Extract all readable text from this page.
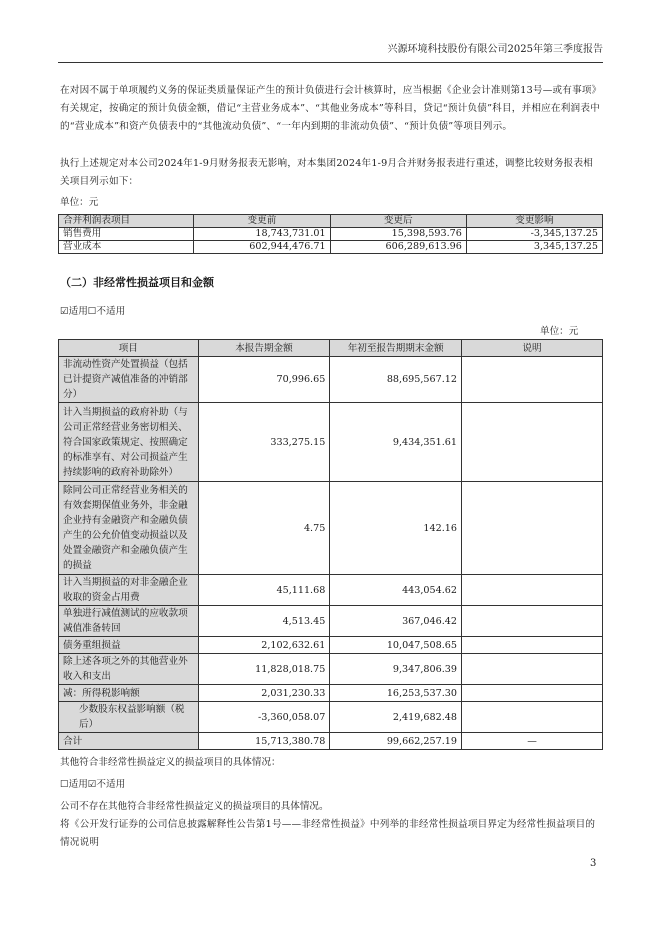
兴源环境科技股份有限公司2025年第三季度报告
在对因不属于单项履约义务的保证类质量保证产生的预计负债进行会计核算时，应当根据《企业会计准则第13号—或有事项》有关规定，按确定的预计负债金额，借记“主营业务成本”、“其他业务成本”等科目，贷记“预计负债”科目，并相应在利润表中的“营业成本”和资产负债表中的“其他流动负债”、“一年内到期的非流动负债”、“预计负债”等项目列示。
执行上述规定对本公司2024年1-9月财务报表无影响，对本集团2024年1-9月合并财务报表进行重述，调整比较财务报表相关项目列示如下：
单位：元
合并利润表项目	变更前	变更后	变更影响
销售费用	18,743,731.01	15,398,593.76	-3,345,137.25
营业成本	602,944,476.71	606,289,613.96	3,345,137.25
（二）非经常性损益项目和金额
☑适用☐不适用
单位：元
项目	本报告期金额	年初至报告期期末金额	说明
非流动性资产处置损益（包括已计提资产减值准备的冲销部分）	70,996.65	88,695,567.12	
计入当期损益的政府补助（与公司正常经营业务密切相关、符合国家政策规定、按照确定的标准享有、对公司损益产生持续影响的政府补助除外）	333,275.15	9,434,351.61	
除同公司正常经营业务相关的有效套期保值业务外，非金融企业持有金融资产和金融负债产生的公允价值变动损益以及处置金融资产和金融负债产生的损益	4.75	142.16	
计入当期损益的对非金融企业收取的资金占用费	45,111.68	443,054.62	
单独进行减值测试的应收款项减值准备转回	4,513.45	367,046.42	
债务重组损益	2,102,632.61	10,047,508.65	
除上述各项之外的其他营业外收入和支出	11,828,018.75	9,347,806.39	
减：所得税影响额	2,031,230.33	16,253,537.30	
少数股东权益影响额（税后）	-3,360,058.07	2,419,682.48	
合计	15,713,380.78	99,662,257.19	—
其他符合非经常性损益定义的损益项目的具体情况：
☐适用☑不适用
公司不存在其他符合非经常性损益定义的损益项目的具体情况。
将《公开发行证券的公司信息披露解释性公告第1号——非经常性损益》中列举的非经常性损益项目界定为经常性损益项目的情况说明
3
